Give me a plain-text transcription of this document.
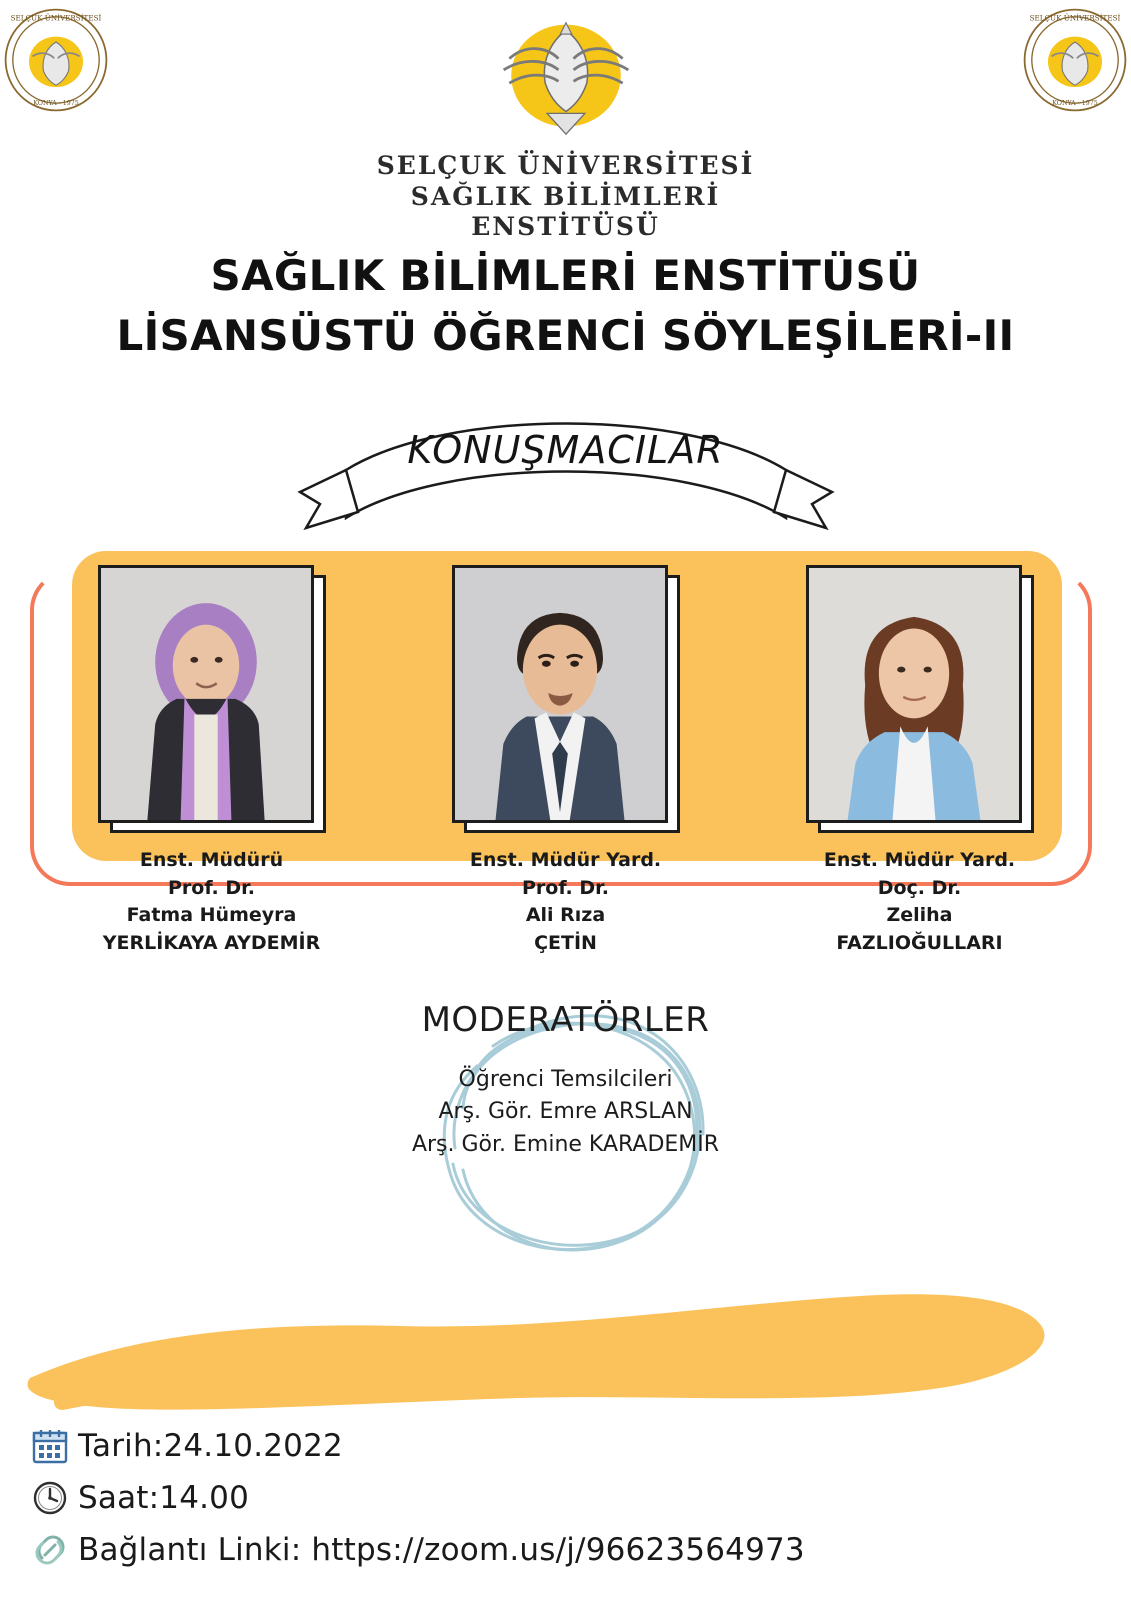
SELÇUK ÜNİVERSİTESİ
KONYA · 1975
SELÇUK ÜNİVERSİTESİ
KONYA · 1975
SELÇUK ÜNİVERSİTESİ
SAĞLIK BİLİMLERİ ENSTİTÜSÜ
SAĞLIK BİLİMLERİ ENSTİTÜSÜ
LİSANSÜSTÜ ÖĞRENCİ SÖYLEŞİLERİ-II
KONUŞMACILAR
Enst. Müdürü
Prof. Dr.
Fatma Hümeyra
YERLİKAYA AYDEMİR
Enst. Müdür Yard.
Prof. Dr.
Ali Rıza
ÇETİN
Enst. Müdür Yard.
Doç. Dr.
Zeliha
FAZLIOĞULLARI
MODERATÖRLER
Öğrenci Temsilcileri
Arş. Gör. Emre ARSLAN
Arş. Gör. Emine KARADEMİR
Tarih:24.10.2022
Saat:14.00
Bağlantı Linki: https://zoom.us/j/96623564973
